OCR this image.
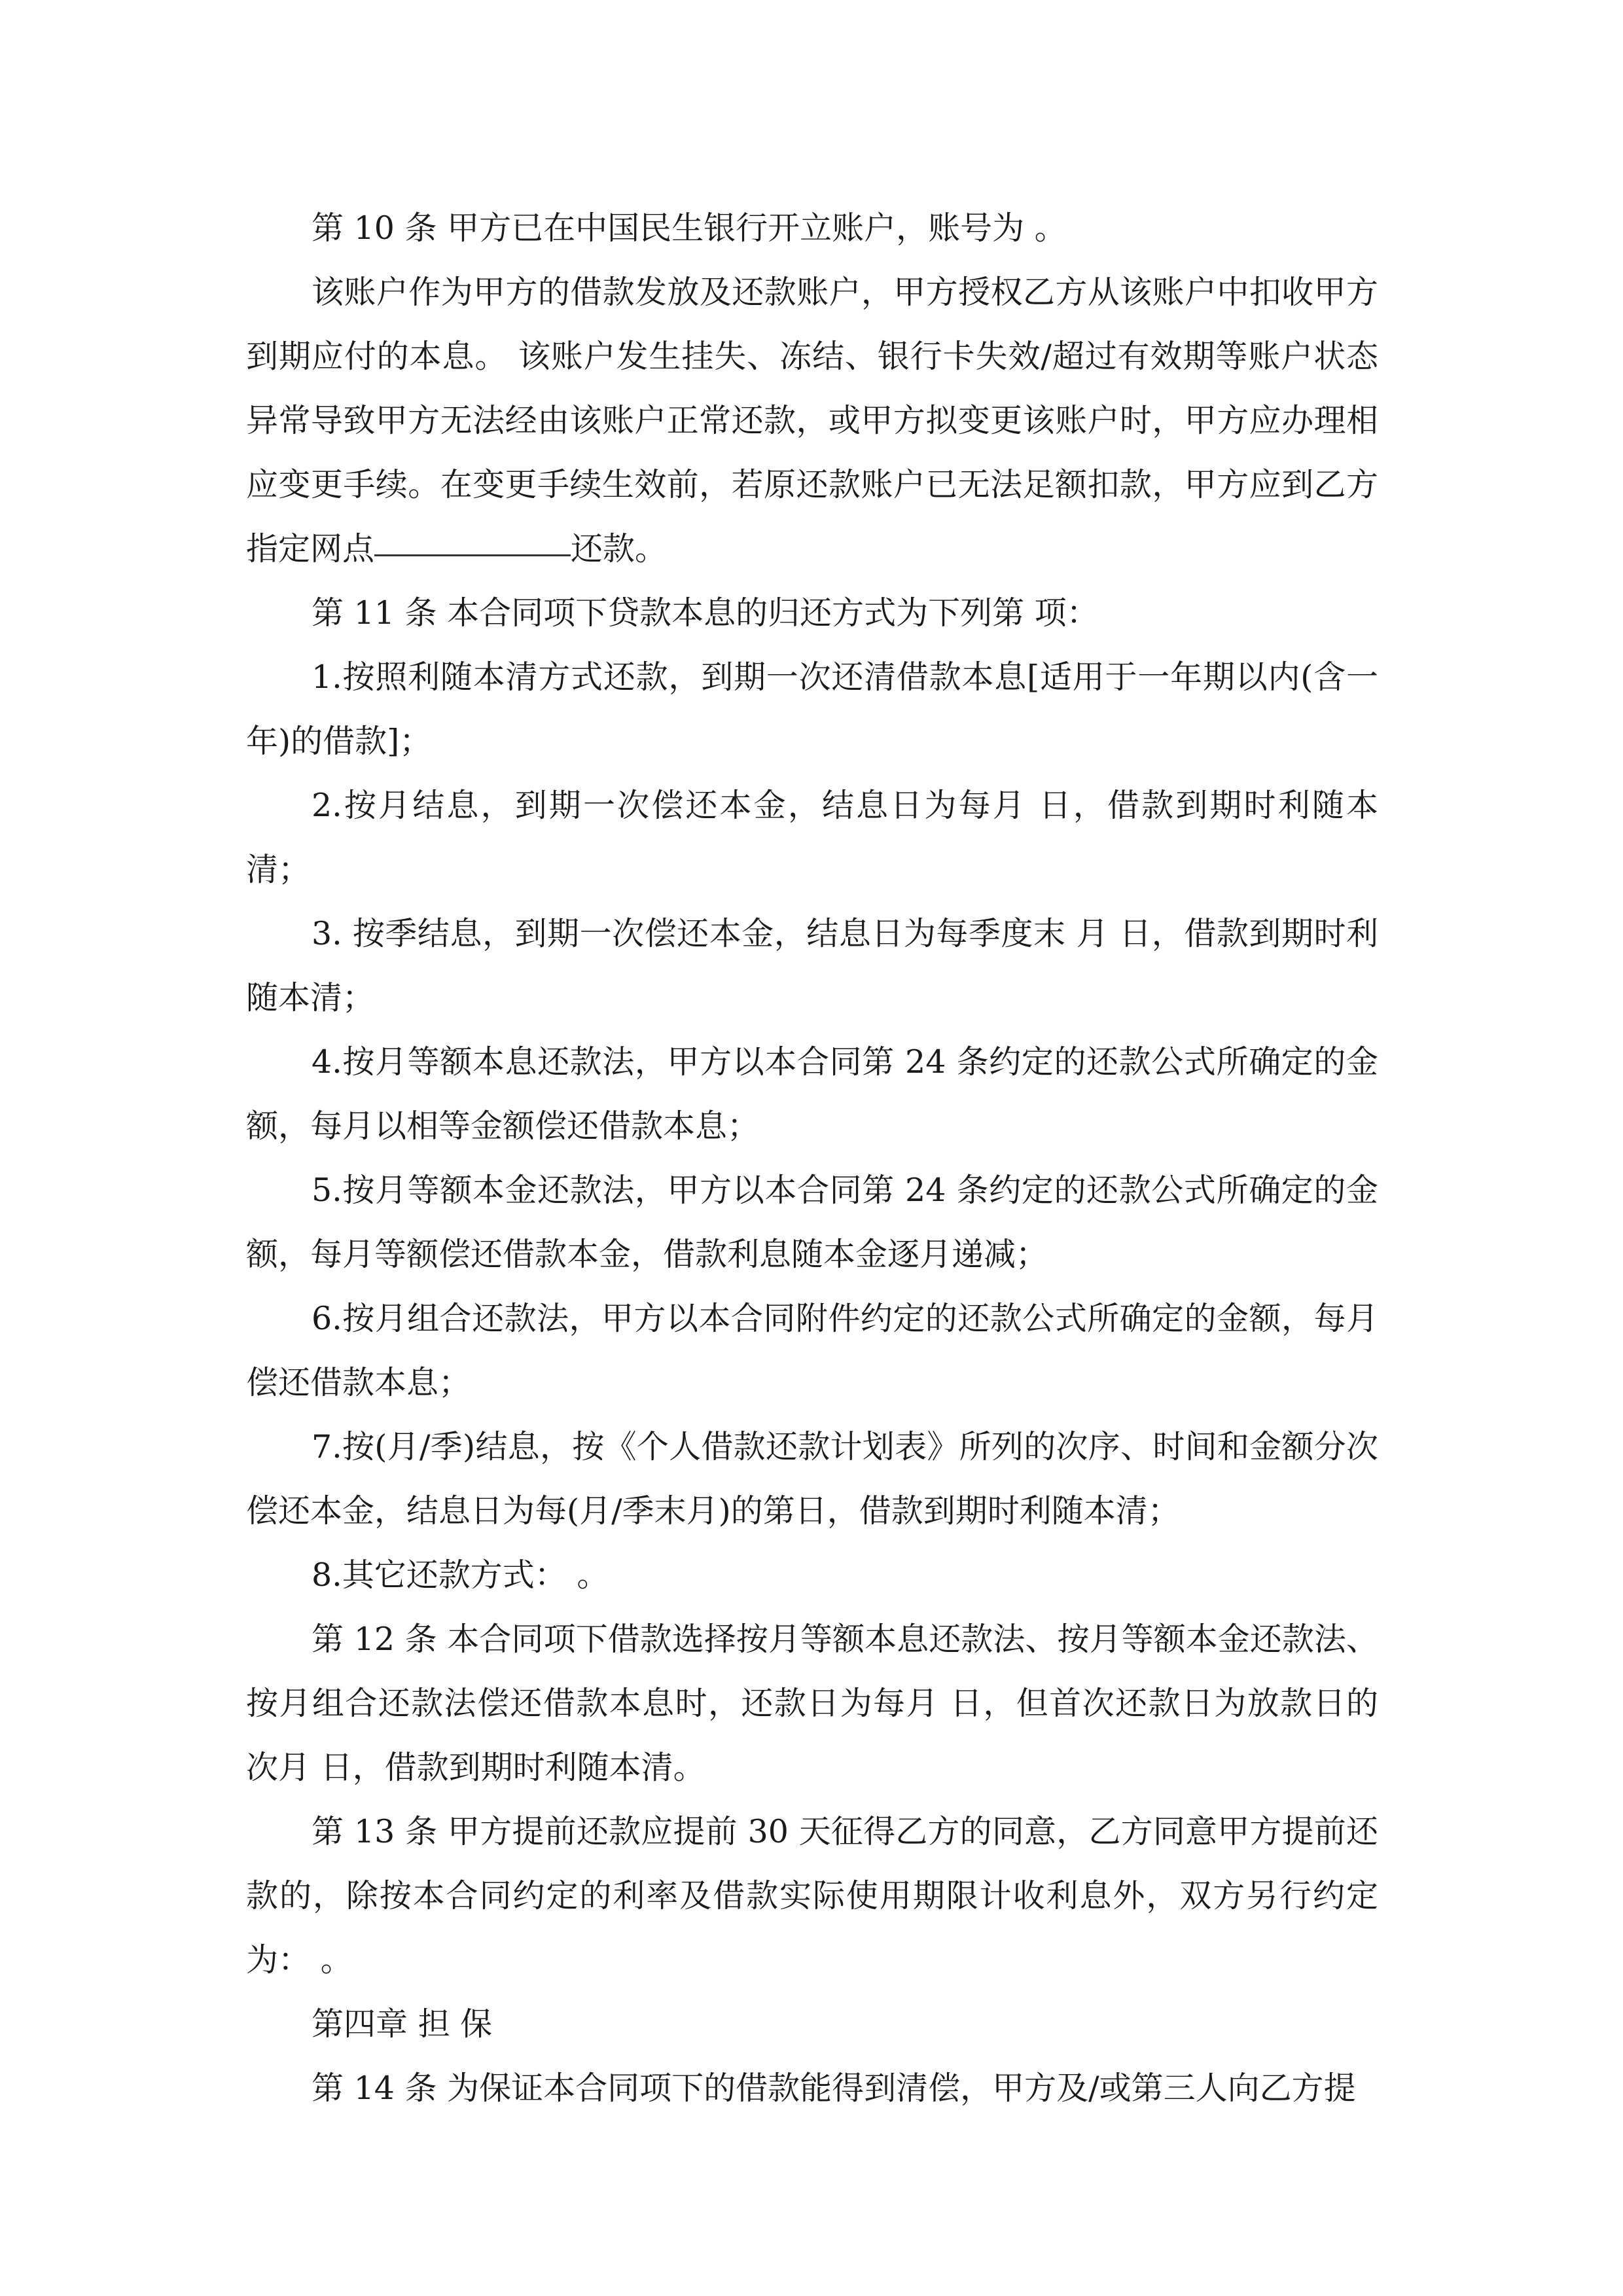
第 10 条 甲方已在中国民生银行开立账户，账号为 。

该账户作为甲方的借款发放及还款账户，甲方授权乙方从该账户中扣收甲方到期应付的本息。 该账户发生挂失、冻结、银行卡失效/超过有效期等账户状态异常导致甲方无法经由该账户正常还款，或甲方拟变更该账户时，甲方应办理相应变更手续。在变更手续生效前，若原还款账户已无法足额扣款，甲方应到乙方指定网点	还款。

第 11 条 本合同项下贷款本息的归还方式为下列第 项：

1.按照利随本清方式还款，到期一次还清借款本息[适用于一年期以内(含一年)的借款]；

2.按月结息，到期一次偿还本金，结息日为每月 日，借款到期时利随本清；

3. 按季结息，到期一次偿还本金，结息日为每季度末 月 日，借款到期时利随本清；

4.按月等额本息还款法，甲方以本合同第 24 条约定的还款公式所确定的金额，每月以相等金额偿还借款本息；

5.按月等额本金还款法，甲方以本合同第 24 条约定的还款公式所确定的金额，每月等额偿还借款本金，借款利息随本金逐月递减；

6.按月组合还款法，甲方以本合同附件约定的还款公式所确定的金额，每月偿还借款本息；

7.按(月/季)结息，按《个人借款还款计划表》所列的次序、时间和金额分次偿还本金，结息日为每(月/季末月)的第日，借款到期时利随本清；

8.其它还款方式： 。

第 12 条 本合同项下借款选择按月等额本息还款法、按月等额本金还款法、按月组合还款法偿还借款本息时，还款日为每月 日，但首次还款日为放款日的次月 日，借款到期时利随本清。

第 13 条 甲方提前还款应提前 30 天征得乙方的同意，乙方同意甲方提前还款的，除按本合同约定的利率及借款实际使用期限计收利息外，双方另行约定为： 。

第四章 担 保

第 14 条 为保证本合同项下的借款能得到清偿，甲方及/或第三人向乙方提
